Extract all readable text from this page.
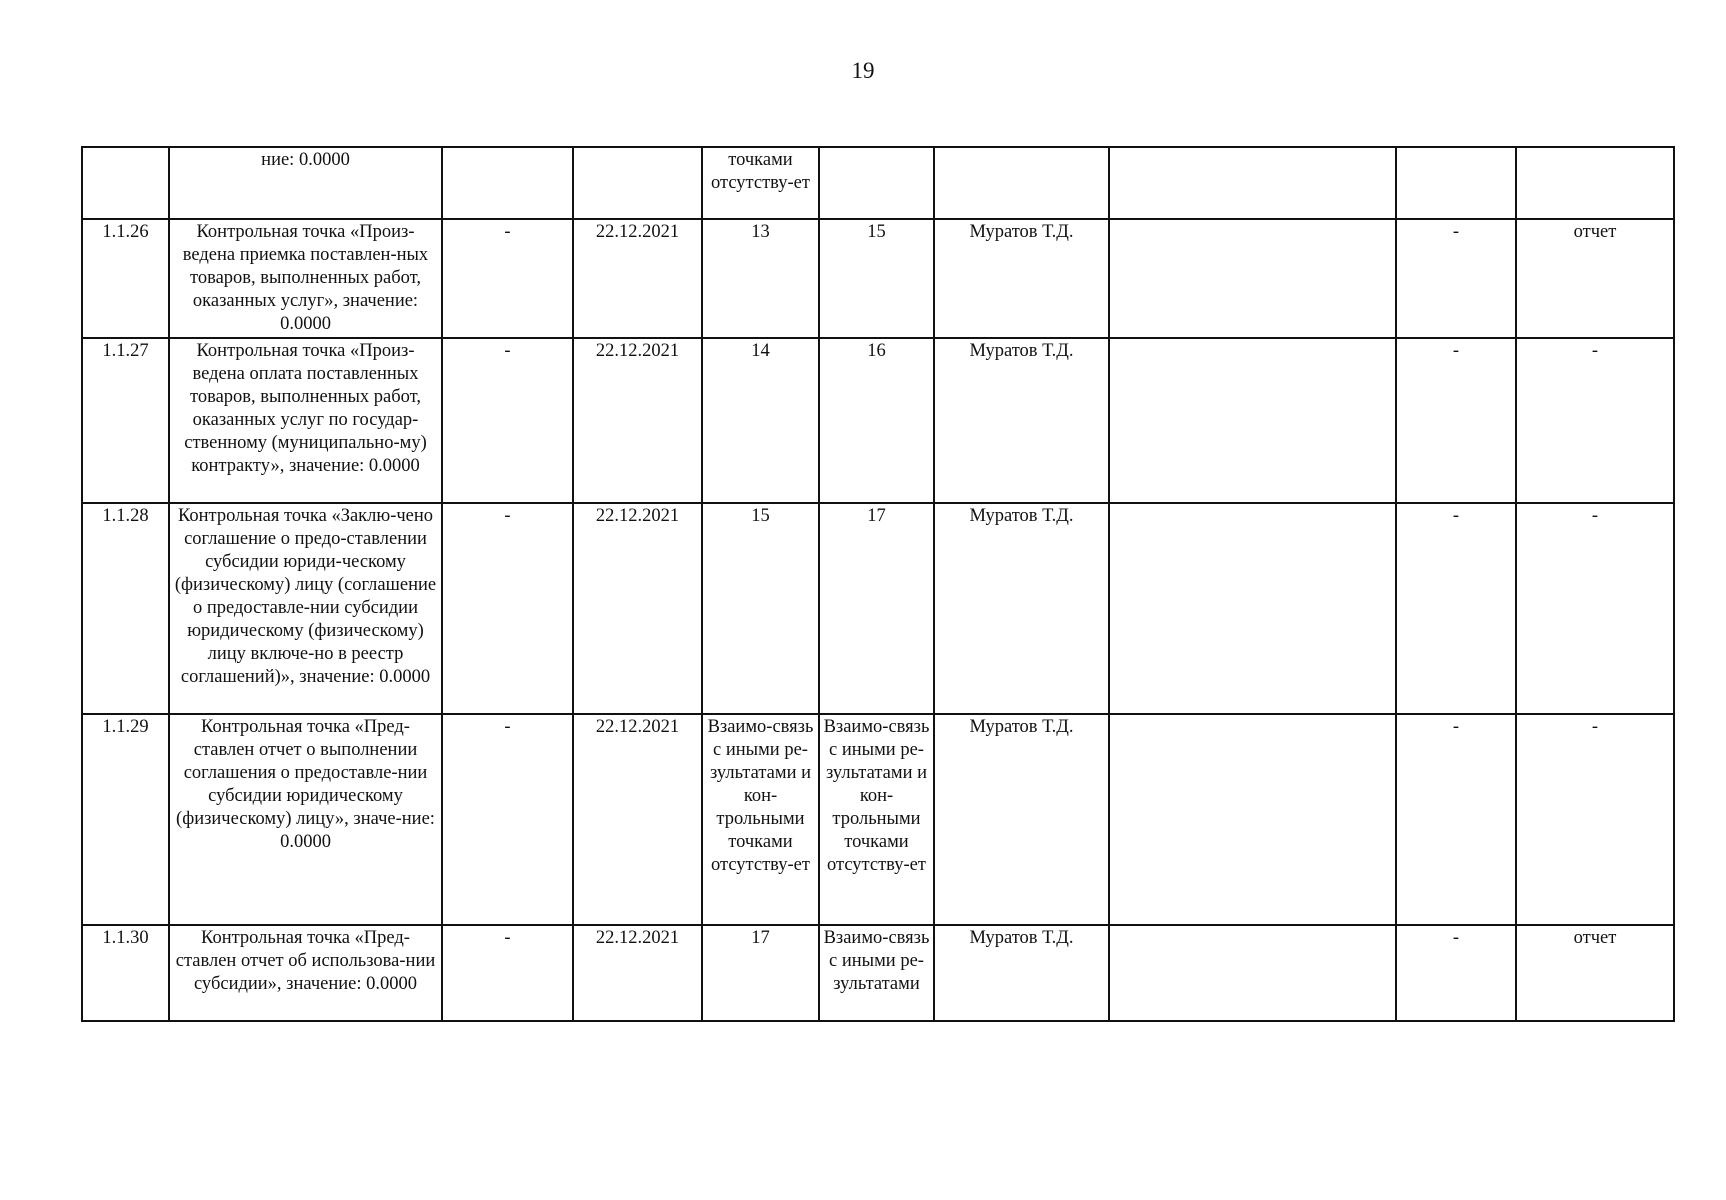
19
	ние: 0.0000			точками отсутству-ет					
1.1.26	Контрольная точка «Произ-ведена приемка поставлен-ных товаров, выполненных работ, оказанных услуг», значение: 0.0000	-	22.12.2021	13	15	Муратов Т.Д.		-	отчет
1.1.27	Контрольная точка «Произ-ведена оплата поставленных товаров, выполненных работ, оказанных услуг по государ-ственному (муниципально-му) контракту», значение: 0.0000	-	22.12.2021	14	16	Муратов Т.Д.		-	-
1.1.28	Контрольная точка «Заклю-чено соглашение о предо-ставлении субсидии юриди-ческому (физическому) лицу (соглашение о предоставле-нии субсидии юридическому (физическому) лицу включе-но в реестр соглашений)», значение: 0.0000	-	22.12.2021	15	17	Муратов Т.Д.		-	-
1.1.29	Контрольная точка «Пред-ставлен отчет о выполнении соглашения о предоставле-нии субсидии юридическому (физическому) лицу», значе-ние: 0.0000	-	22.12.2021	Взаимо-связь с иными ре-зультатами и кон-трольными точками отсутству-ет	Взаимо-связь с иными ре-зультатами и кон-трольными точками отсутству-ет	Муратов Т.Д.		-	-
1.1.30	Контрольная точка «Пред-ставлен отчет об использова-нии субсидии», значение: 0.0000	-	22.12.2021	17	Взаимо-связь с иными ре-зультатами	Муратов Т.Д.		-	отчет
